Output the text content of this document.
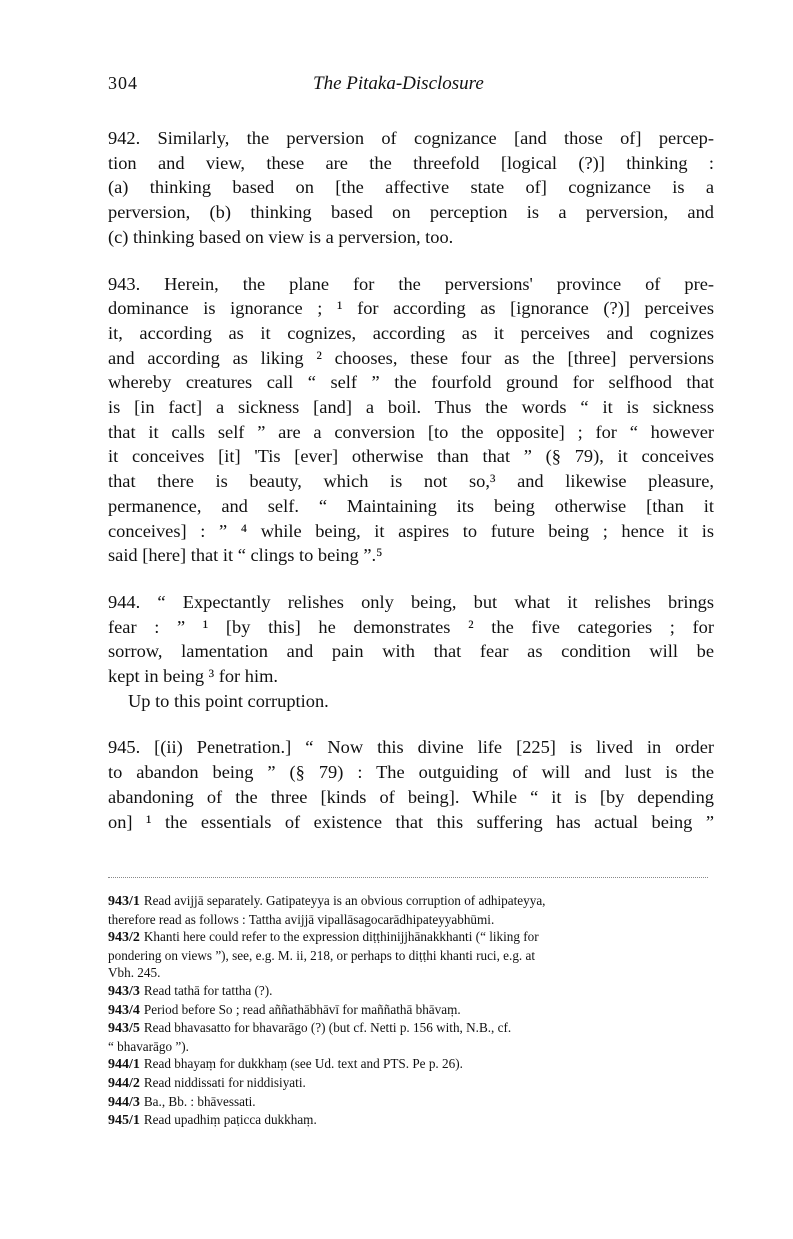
304	The Pitaka-Disclosure
942. Similarly, the perversion of cognizance [and those of] percep-
tion and view, these are the threefold [logical (?)] thinking :
(a) thinking based on [the affective state of] cognizance is a
perversion, (b) thinking based on perception is a perversion, and
(c) thinking based on view is a perversion, too.
943. Herein, the plane for the perversions' province of pre-
dominance is ignorance ; ¹ for according as [ignorance (?)] perceives
it, according as it cognizes, according as it perceives and cognizes
and according as liking ² chooses, these four as the [three] perversions
whereby creatures call “ self ” the fourfold ground for selfhood that
is [in fact] a sickness [and] a boil. Thus the words “ it is sickness
that it calls self ” are a conversion [to the opposite] ; for “ however
it conceives [it] 'Tis [ever] otherwise than that ” (§ 79), it conceives
that there is beauty, which is not so,³ and likewise pleasure,
permanence, and self. “ Maintaining its being otherwise [than it
conceives] : ” ⁴ while being, it aspires to future being ; hence it is
said [here] that it “ clings to being ”.⁵
944. “ Expectantly relishes only being, but what it relishes brings
fear : ” ¹ [by this] he demonstrates ² the five categories ; for
sorrow, lamentation and pain with that fear as condition will be
kept in being ³ for him.
Up to this point corruption.
945. [(ii) Penetration.] “ Now this divine life [225] is lived in order
to abandon being ” (§ 79) : The outguiding of will and lust is the
abandoning of the three [kinds of being]. While “ it is [by depending
on] ¹ the essentials of existence that this suffering has actual being ”
943/1 Read avijjā separately. Gatipateyya is an obvious corruption of adhipateyya,
therefore read as follows : Tattha avijjā vipallāsagocarādhipateyyabhūmi.
943/2 Khanti here could refer to the expression diṭṭhinijjhānakkhanti (“ liking for
pondering on views ”), see, e.g. M. ii, 218, or perhaps to diṭṭhi khanti ruci, e.g. at
Vbh. 245.
943/3 Read tathā for tattha (?).
943/4 Period before So ; read aññathābhāvī for maññathā bhāvaṃ.
943/5 Read bhavasatto for bhavarāgo (?) (but cf. Netti p. 156 with, N.B., cf.
“ bhavarāgo ”).
944/1 Read bhayaṃ for dukkhaṃ (see Ud. text and PTS. Pe p. 26).
944/2 Read niddissati for niddisiyati.
944/3 Ba., Bb. : bhāvessati.
945/1 Read upadhiṃ paṭicca dukkhaṃ.
